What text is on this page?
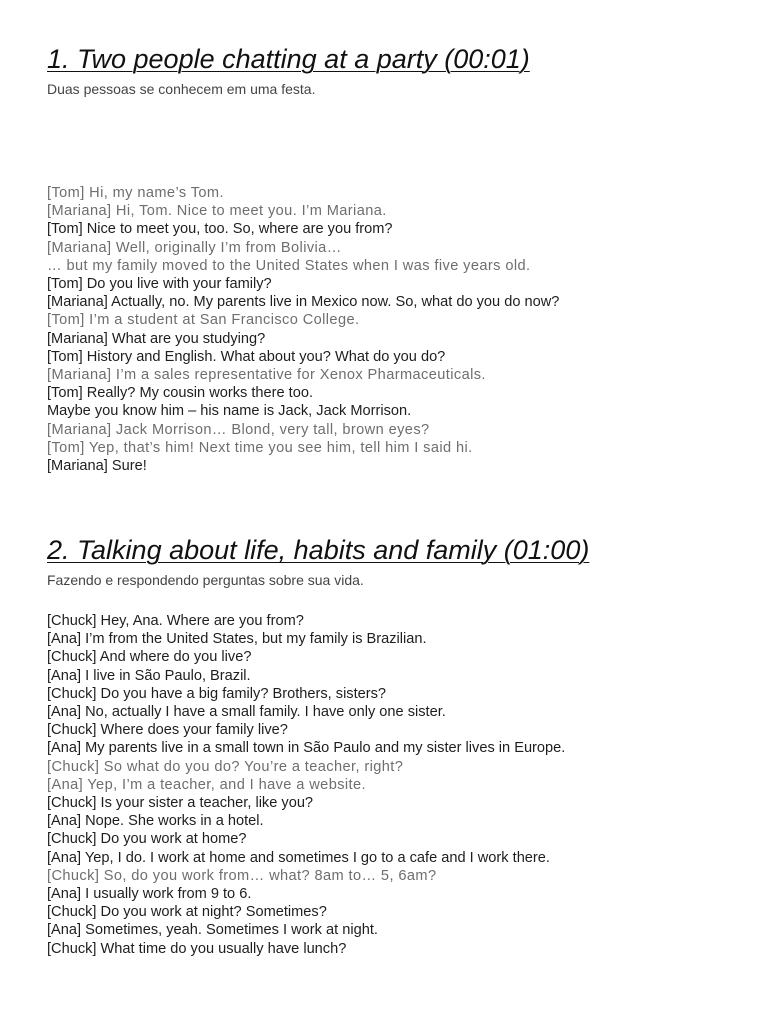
1. Two people chatting at a party (00:01)

Duas pessoas se conhecem em uma festa.

[Tom] Hi, my name’s Tom.
[Mariana] Hi, Tom. Nice to meet you. I’m Mariana.
[Tom] Nice to meet you, too. So, where are you from?
[Mariana] Well, originally I’m from Bolivia…
… but my family moved to the United States when I was five years old.
[Tom] Do you live with your family?
[Mariana] Actually, no. My parents live in Mexico now. So, what do you do now?
[Tom] I’m a student at San Francisco College.
[Mariana] What are you studying?
[Tom] History and English. What about you? What do you do?
[Mariana] I’m a sales representative for Xenox Pharmaceuticals.
[Tom] Really? My cousin works there too.
Maybe you know him – his name is Jack, Jack Morrison.
[Mariana] Jack Morrison… Blond, very tall, brown eyes?
[Tom] Yep, that’s him! Next time you see him, tell him I said hi.
[Mariana] Sure!
2. Talking about life, habits and family (01:00)

Fazendo e respondendo perguntas sobre sua vida.

[Chuck] Hey, Ana. Where are you from?
[Ana] I’m from the United States, but my family is Brazilian.
[Chuck] And where do you live?
[Ana] I live in São Paulo, Brazil.
[Chuck] Do you have a big family? Brothers, sisters?
[Ana] No, actually I have a small family. I have only one sister.
[Chuck] Where does your family live?
[Ana] My parents live in a small town in São Paulo and my sister lives in Europe.
[Chuck] So what do you do? You’re a teacher, right?
[Ana] Yep, I’m a teacher, and I have a website.
[Chuck] Is your sister a teacher, like you?
[Ana] Nope. She works in a hotel.
[Chuck] Do you work at home?
[Ana] Yep, I do. I work at home and sometimes I go to a cafe and I work there.
[Chuck] So, do you work from… what? 8am to… 5, 6am?
[Ana] I usually work from 9 to 6.
[Chuck] Do you work at night? Sometimes?
[Ana] Sometimes, yeah. Sometimes I work at night.
[Chuck] What time do you usually have lunch?
